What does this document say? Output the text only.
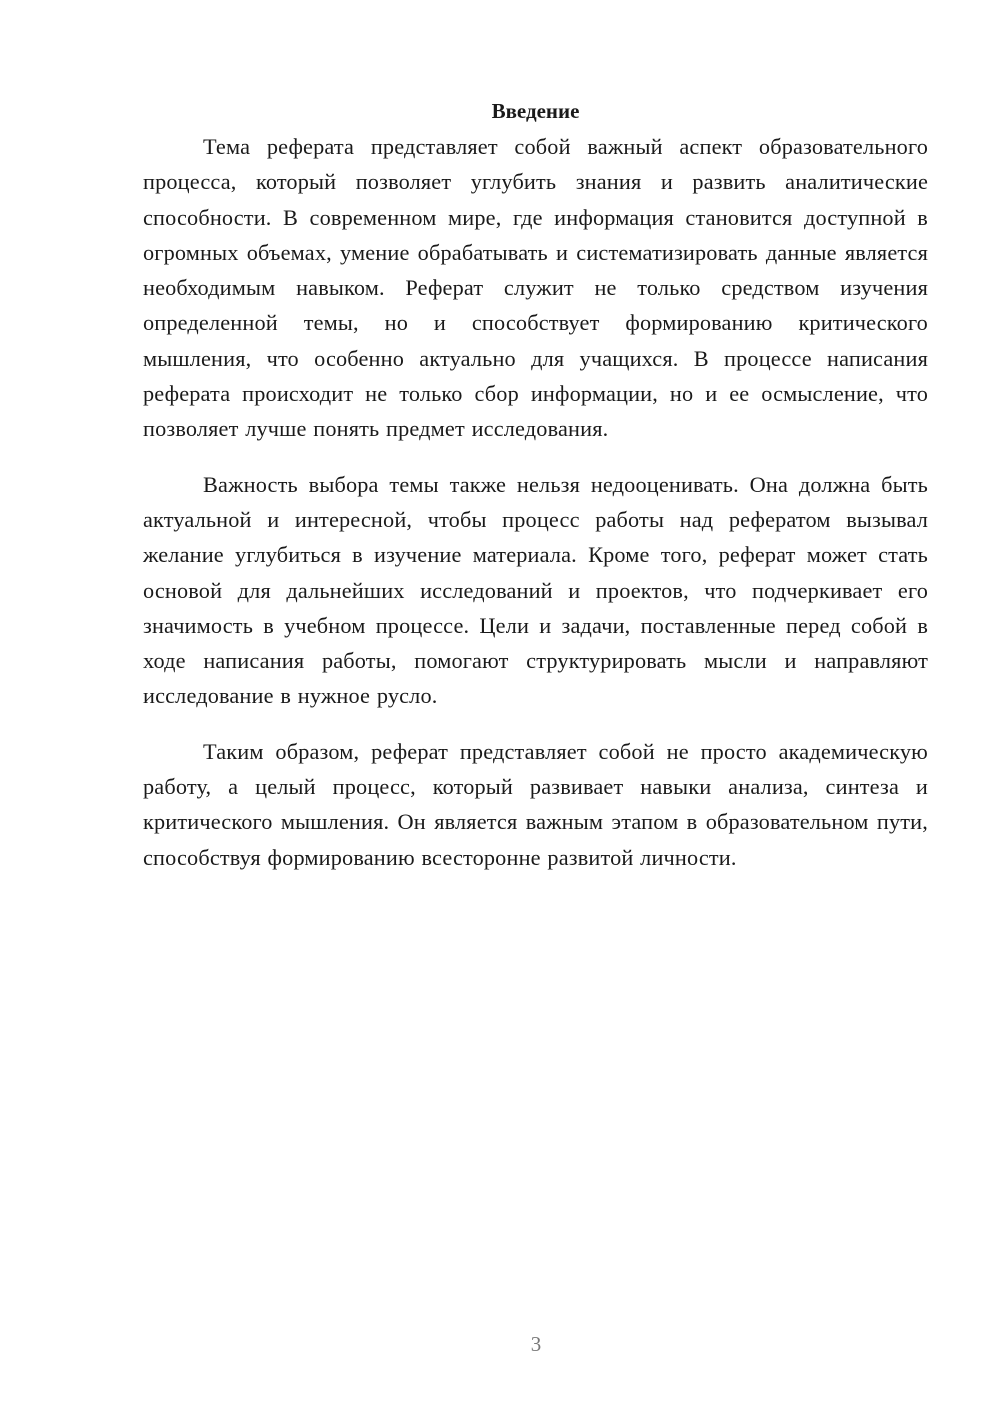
Введение

Тема реферата представляет собой важный аспект образовательного процесса, который позволяет углубить знания и развить аналитические способности. В современном мире, где информация становится доступной в огромных объемах, умение обрабатывать и систематизировать данные является необходимым навыком. Реферат служит не только средством изучения определенной темы, но и способствует формированию критического мышления, что особенно актуально для учащихся. В процессе написания реферата происходит не только сбор информации, но и ее осмысление, что позволяет лучше понять предмет исследования.

Важность выбора темы также нельзя недооценивать. Она должна быть актуальной и интересной, чтобы процесс работы над рефератом вызывал желание углубиться в изучение материала. Кроме того, реферат может стать основой для дальнейших исследований и проектов, что подчеркивает его значимость в учебном процессе. Цели и задачи, поставленные перед собой в ходе написания работы, помогают структурировать мысли и направляют исследование в нужное русло.

Таким образом, реферат представляет собой не просто академическую работу, а целый процесс, который развивает навыки анализа, синтеза и критического мышления. Он является важным этапом в образовательном пути, способствуя формированию всесторонне развитой личности.

3
